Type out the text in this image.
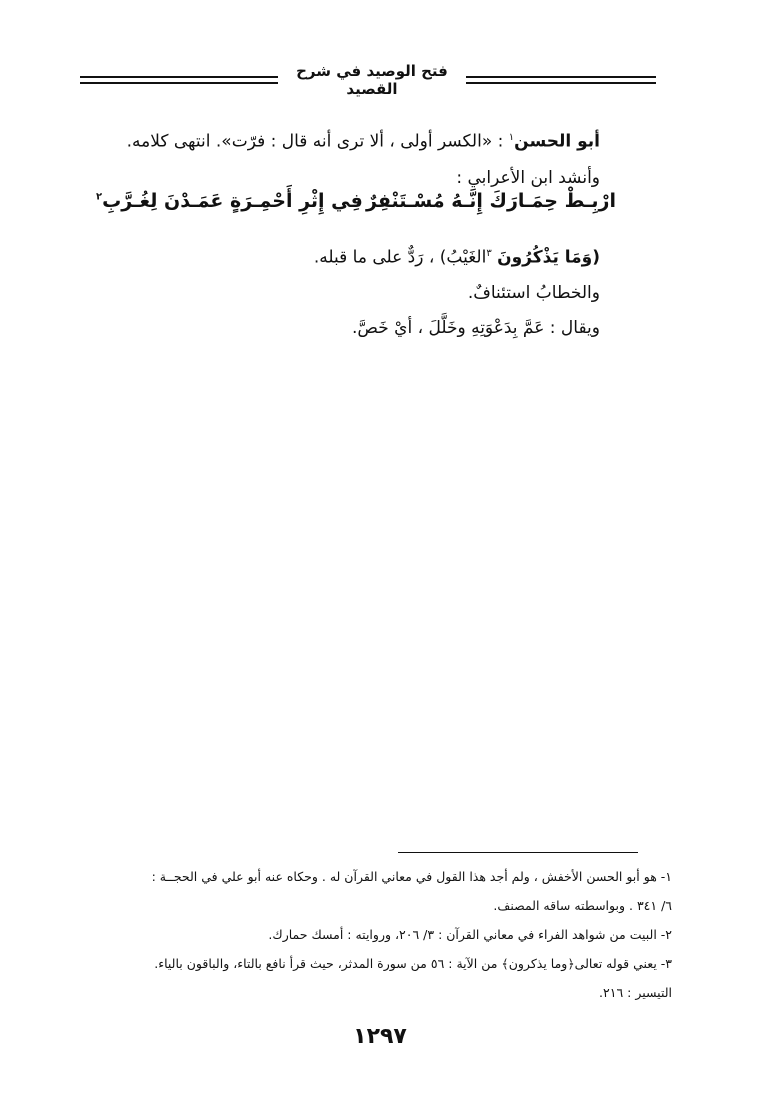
فتح الوصيد في شرح القصيد
أبو الحسن$^١$ : «الكسر أولى ، ألا ترى أنه قال : فرّت». انتهى كلامه.
وأنشد ابن الأعرابي :
ارْبِـطْ حِمَـارَكَ إِنَّـهُ مُسْـتَنْفِرٌ
فِي إِثْرِ أَحْمِـرَةٍ عَمَـدْنَ لِغُـرَّبِ$^٢$
(وَمَا يَذْكُرُونَ $^٣$الغَيْبُ) ، رَدٌّ على ما قبله.
والخطابُ استئنافٌ.
ويقال : عَمَّ بِدَعْوَتِهِ وخَلَّلَ ، أيْ خَصَّ.
١- هو أبو الحسن الأخفش ، ولم أجد هذا القول في معاني القرآن له . وحكاه عنه أبو علي في الحجــة :
٦/ ٣٤١ . وبواسطته ساقه المصنف.
٢- البيت من شواهد الفراء في معاني القرآن : ٣/ ٢٠٦، وروايته : أمسك حمارك.
٣- يعني قوله تعالى﴿وما يذكرون﴾ من الآية : ٥٦ من سورة المدثر، حيث قرأ نافع بالتاء، والباقون بالياء.
التيسير : ٢١٦.
١٢٩٧
